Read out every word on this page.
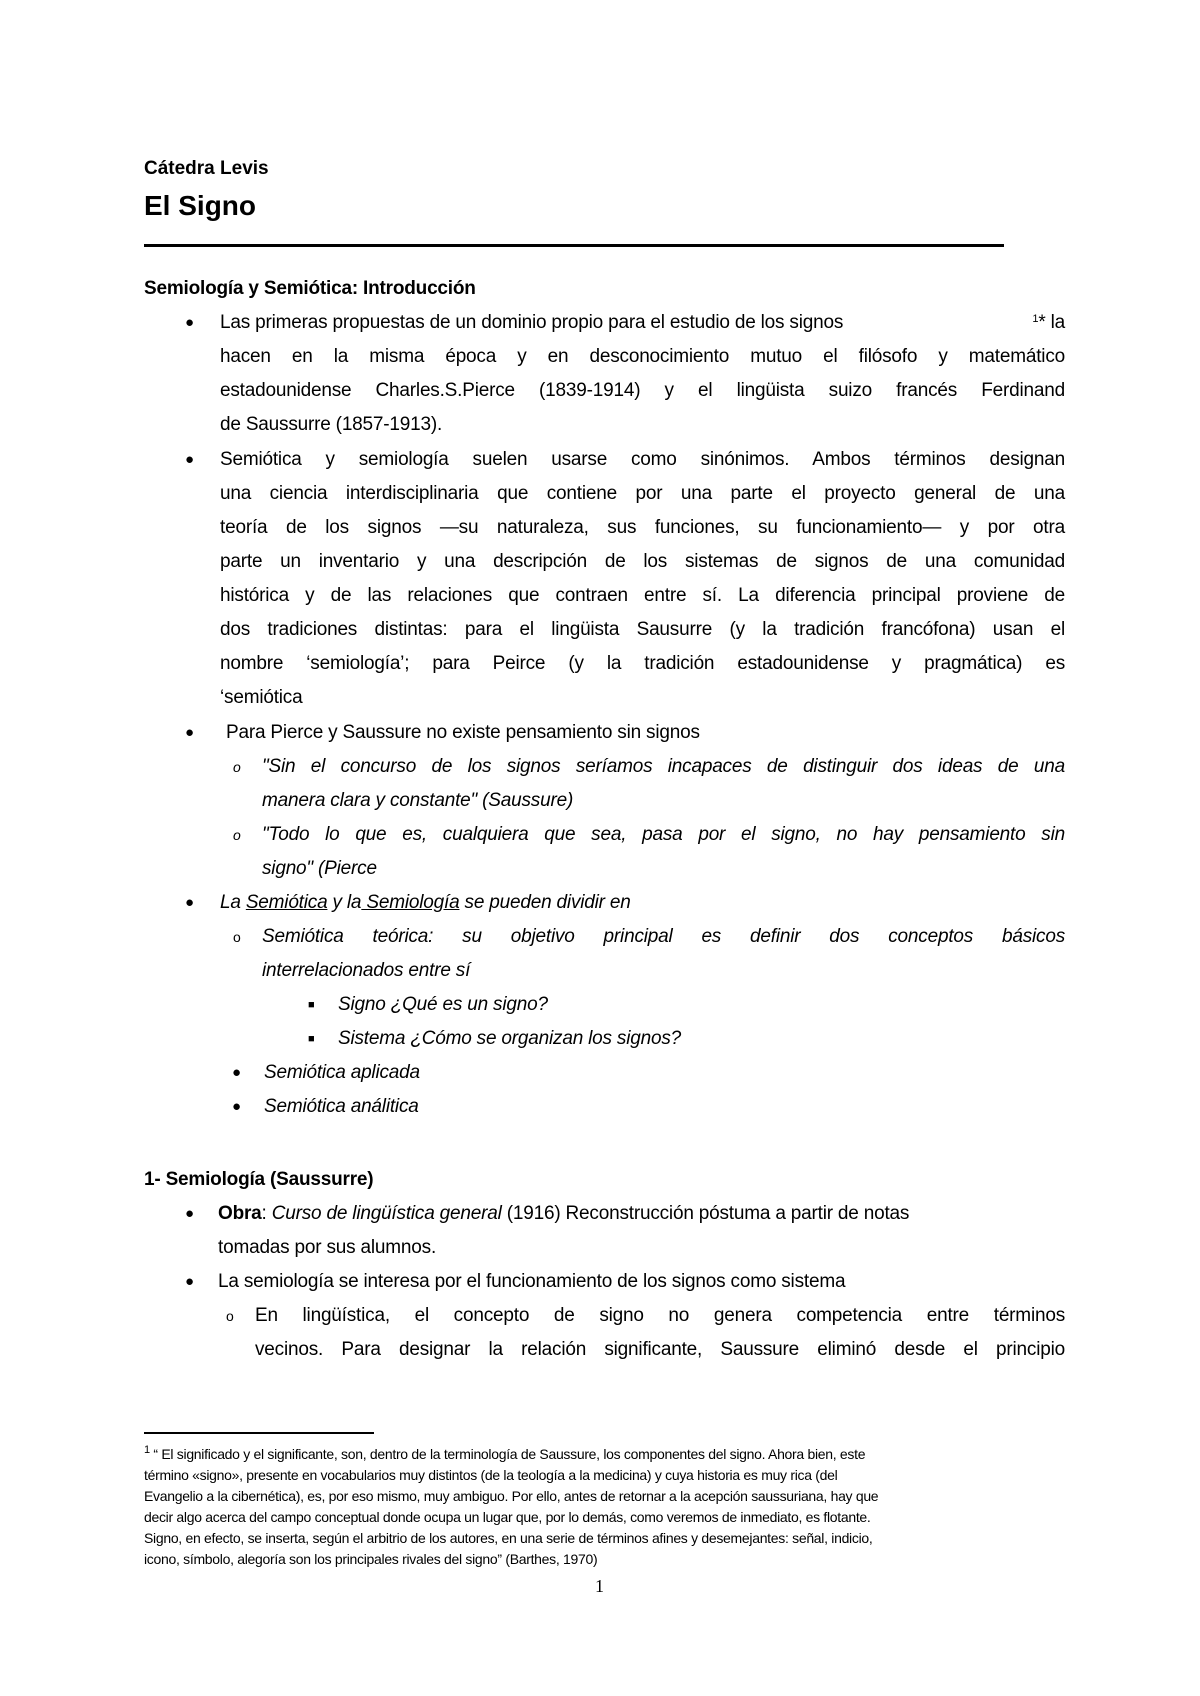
Cátedra Levis
El Signo
Semiología y Semiótica: Introducción
● Las primeras propuestas de un dominio propio para el estudio de los signos	$^1$* la
hacen en la misma época y en desconocimiento mutuo el filósofo y matemático
estadounidense Charles.S.Pierce (1839-1914) y el lingüista suizo francés Ferdinand
de Saussurre (1857-1913).
● Semiótica y semiología suelen usarse como sinónimos. Ambos términos designan
una ciencia interdisciplinaria que contiene por una parte el proyecto general de una
teoría de los signos —su naturaleza, sus funciones, su funcionamiento— y por otra
parte un inventario y una descripción de los sistemas de signos de una comunidad
histórica y de las relaciones que contraen entre sí. La diferencia principal proviene de
dos tradiciones distintas: para el lingüista Sausurre (y la tradición francófona) usan el
nombre ‘semiología’; para Peirce (y la tradición estadounidense y pragmática) es
‘semiótica
● Para Pierce y Saussure no existe pensamiento sin signos
o "Sin el concurso de los signos seríamos incapaces de distinguir dos ideas de una
manera clara y constante" (Saussure)
o "Todo lo que es, cualquiera que sea, pasa por el signo, no hay pensamiento sin
signo" (Pierce
● La Semiótica y la Semiología se pueden dividir en
o Semiótica teórica: su objetivo principal es definir dos conceptos básicos
interrelacionados entre sí
■ Signo ¿Qué es un signo?
■ Sistema ¿Cómo se organizan los signos?
● Semiótica aplicada
● Semiótica análitica
1- Semiología (Saussurre)
● Obra: Curso de lingüística general (1916) Reconstrucción póstuma a partir de notas
tomadas por sus alumnos.
● La semiología se interesa por el funcionamiento de los signos como sistema
o En lingüística, el concepto de signo no genera competencia entre términos
vecinos. Para designar la relación significante, Saussure eliminó desde el principio
$^1$ “ El significado y el significante, son, dentro de la terminología de Saussure, los componentes del signo. Ahora bien, este
término «signo», presente en vocabularios muy distintos (de la teología a la medicina) y cuya historia es muy rica (del
Evangelio a la cibernética), es, por eso mismo, muy ambiguo. Por ello, antes de retornar a la acepción saussuriana, hay que
decir algo acerca del campo conceptual donde ocupa un lugar que, por lo demás, como veremos de inmediato, es flotante.
Signo, en efecto, se inserta, según el arbitrio de los autores, en una serie de términos afines y desemejantes: señal, indicio,
icono, símbolo, alegoría son los principales rivales del signo” (Barthes, 1970)
1
